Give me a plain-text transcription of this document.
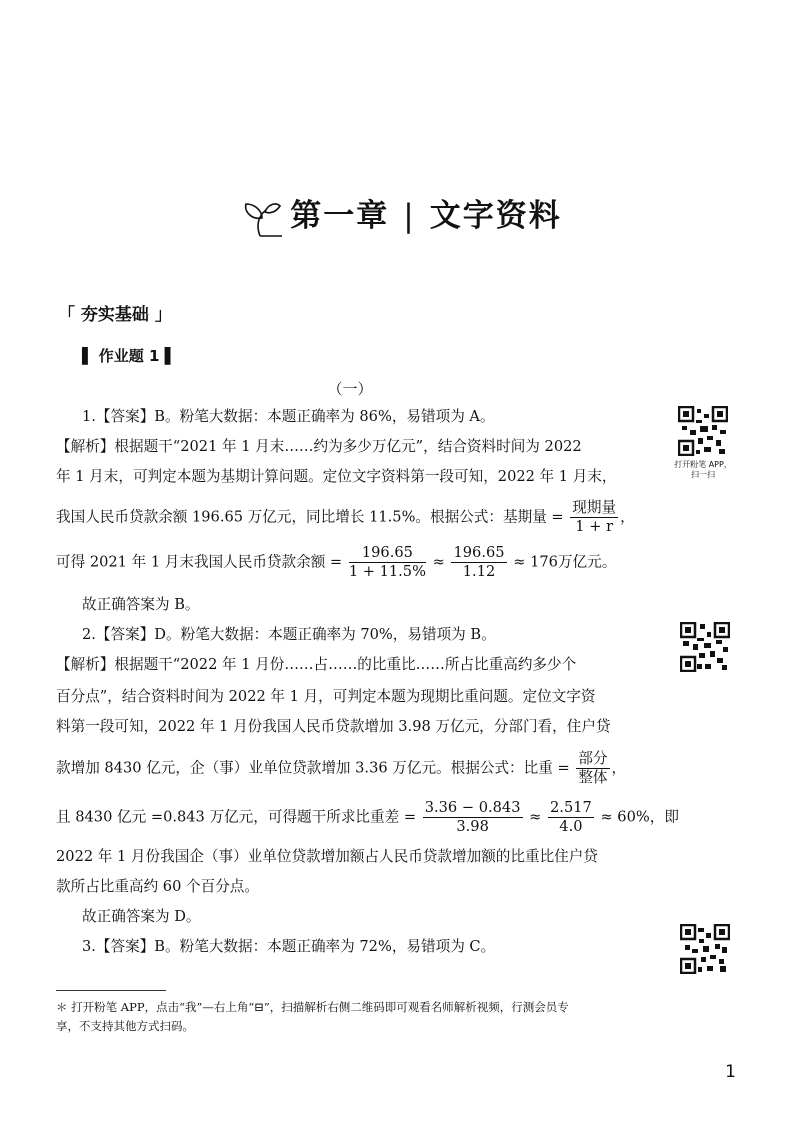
第一章 | 文字资料
「 夯实基础 」
▌ 作业题 1 ▌
（一）
1.【答案】B。粉笔大数据：本题正确率为 86%，易错项为 A。
【解析】根据题干“2021 年 1 月末……约为多少万亿元”，结合资料时间为 2022
年 1 月末，可判定本题为基期计算问题。定位文字资料第一段可知，2022 年 1 月末，
我国人民币贷款余额 196.65 万亿元，同比增长 11.5%。根据公式：基期量 = $\frac{\text{现期量}}{1 + r}$ ，
可得 2021 年 1 月末我国人民币贷款余额 = $\frac{196.65}{1 + 11.5\%} \approx \frac{196.65}{1.12} \approx 176$万亿元。
故正确答案为 B。
2.【答案】D。粉笔大数据：本题正确率为 70%，易错项为 B。
【解析】根据题干“2022 年 1 月份……占……的比重比……所占比重高约多少个
百分点”，结合资料时间为 2022 年 1 月，可判定本题为现期比重问题。定位文字资
料第一段可知，2022 年 1 月份我国人民币贷款增加 3.98 万亿元，分部门看，住户贷
款增加 8430 亿元，企（事）业单位贷款增加 3.36 万亿元。根据公式：比重 = $\frac{\text{部分}}{\text{整体}}$ ，
且 8430 亿元 =0.843 万亿元，可得题干所求比重差 = $\frac{3.36 - 0.843}{3.98} \approx \frac{2.517}{4.0} \approx 60\%$，即
2022 年 1 月份我国企（事）业单位贷款增加额占人民币贷款增加额的比重比住户贷
款所占比重高约 60 个百分点。
故正确答案为 D。
3.【答案】B。粉笔大数据：本题正确率为 72%，易错项为 C。
打开粉笔 APP，
扫一扫
＊ 打开粉笔 APP，点击“我”—右上角“⊟”，扫描解析右侧二维码即可观看名师解析视频，行测会员专
享，不支持其他方式扫码。
1
